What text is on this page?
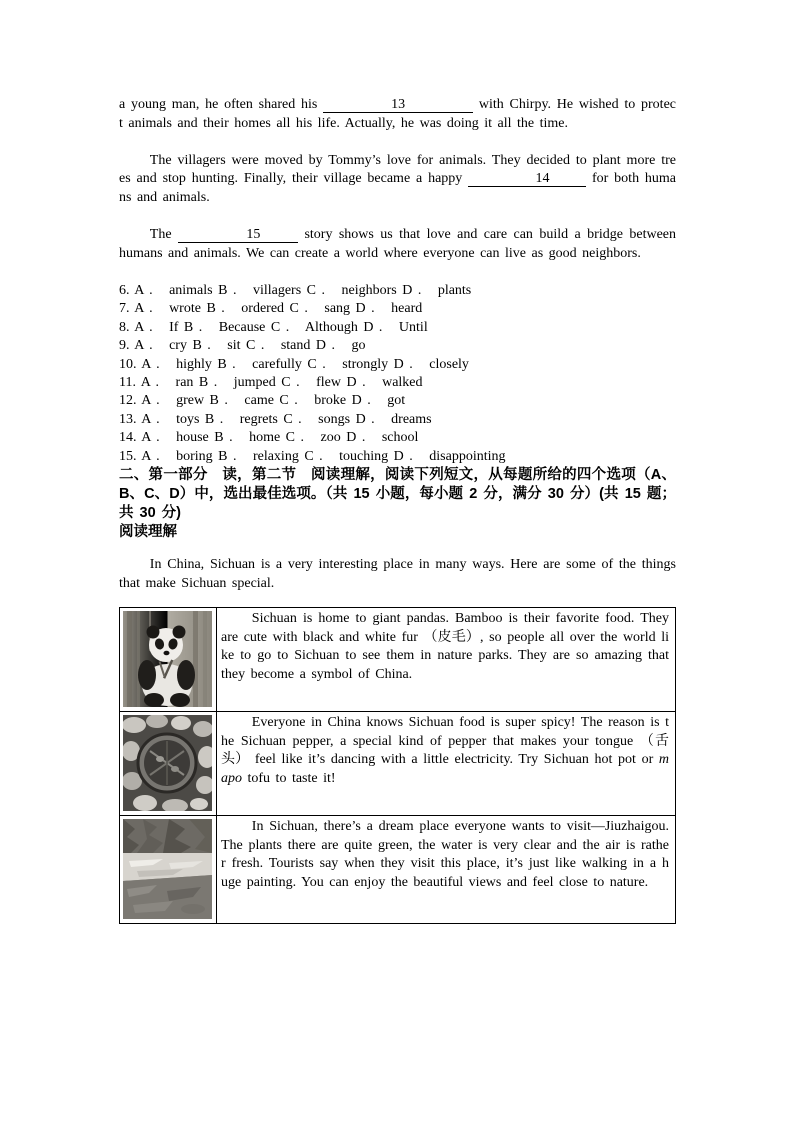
a young man, he often shared his	13	with Chirpy. He wished to protect animals and their homes all his life. Actually, he was doing it all the time.

The villagers were moved by Tommy’s love for animals. They decided to plant more trees and stop hunting. Finally, their village became a happy	14	for both humans and animals.

The	15	story shows us that love and care can build a bridge between humans and animals. We can create a world where everyone can live as good neighbors.

6. A .   animals B .   villagers C .   neighbors D .   plants
7. A .   wrote B .   ordered C .   sang D .   heard
8. A .   If B .   Because C .   Although D .   Until
9. A .   cry B .   sit C .   stand D .   go
10. A .   highly B .   carefully C .   strongly D .   closely
11. A .   ran B .   jumped C .   flew D .   walked
12. A .   grew B .   came C .   broke D .   got
13. A .   toys B .   regrets C .   songs D .   dreams
14. A .   house B .   home C .   zoo D .   school
15. A .   boring B .   relaxing C .   touching D .   disappointing

二、第一部分　读，第二节　阅读理解，阅读下列短文，从每题所给的四个选项（A、B、C、D）中，选出最佳选项。（共 15 小题，每小题 2 分，满分 30 分）(共 15 题；共 30 分)

阅读理解

In China, Sichuan is a very interesting place in many ways. Here are some of the things that make Sichuan special.

Sichuan is home to giant pandas. Bamboo is their favorite food. They are cute with black and white fur （皮毛）, so people all over the world like to go to Sichuan to see them in nature parks. They are so amazing that they become a symbol of China.

Everyone in China knows Sichuan food is super spicy! The reason is the Sichuan pepper, a special kind of pepper that makes your tongue （舌头） feel like it’s dancing with a little electricity. Try Sichuan hot pot or mapo tofu to taste it!

In Sichuan, there’s a dream place everyone wants to visit—Jiuzhaigou. The plants there are quite green, the water is very clear and the air is rather fresh. Tourists say when they visit this place, it’s just like walking in a huge painting. You can enjoy the beautiful views and feel close to nature.
